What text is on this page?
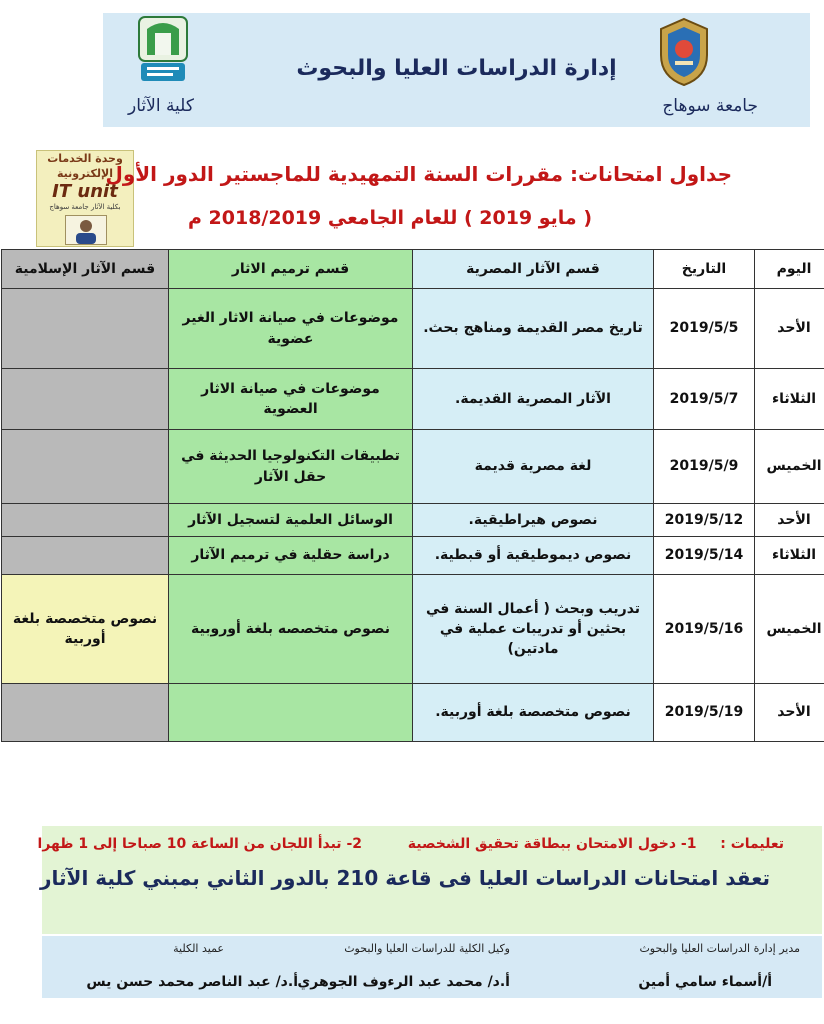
إدارة الدراسات العليا والبحوث
جامعة سوهاج
كلية الآثار
وحدة الخدمات
الإلكترونية
IT unit
بكلية الآثار جامعة سوهاج
جداول امتحانات: مقررات السنة التمهيدية للماجستير الدور الأول
( مايو 2019 ) للعام الجامعي 2018/2019 م
اليوم	التاريخ	قسم الآثار المصرية	قسم ترميم الاثار	قسم الآثار الإسلامية
الأحد	2019/5/5	تاريخ مصر القديمة ومناهج بحث.	موضوعات في صيانة الاثار الغير عضوية	
الثلاثاء	2019/5/7	الآثار المصرية القديمة.	موضوعات في صيانة الاثار العضوية	
الخميس	2019/5/9	لغة مصرية قديمة	تطبيقات التكنولوجيا الحديثة في حقل الآثار	
الأحد	2019/5/12	نصوص هيراطيقية.	الوسائل العلمية لتسجيل الآثار	
الثلاثاء	2019/5/14	نصوص ديموطيقية أو قبطية.	دراسة حقلية في ترميم الآثار	
الخميس	2019/5/16	تدريب وبحث ( أعمال السنة في بحثين أو تدريبات عملية في مادتين)	نصوص متخصصه بلغة أوروبية	نصوص متخصصة بلغة أوربية
الأحد	2019/5/19	نصوص متخصصة بلغة أوربية.		
تعليمات :  1- دخول الامتحان ببطاقة تحقيق الشخصية  2- تبدأ اللجان من الساعة 10 صباحا إلى 1 ظهرا
تعقد امتحانات الدراسات العليا فى قاعة 210 بالدور الثاني بمبني كلية الآثار
مدير إدارة الدراسات العليا والبحوث
أ/أسماء سامي أمين
وكيل الكلية للدراسات العليا والبحوث
أ.د/ محمد عبد الرءوف الجوهري
عميد الكلية
أ.د/ عبد الناصر محمد حسن يس
